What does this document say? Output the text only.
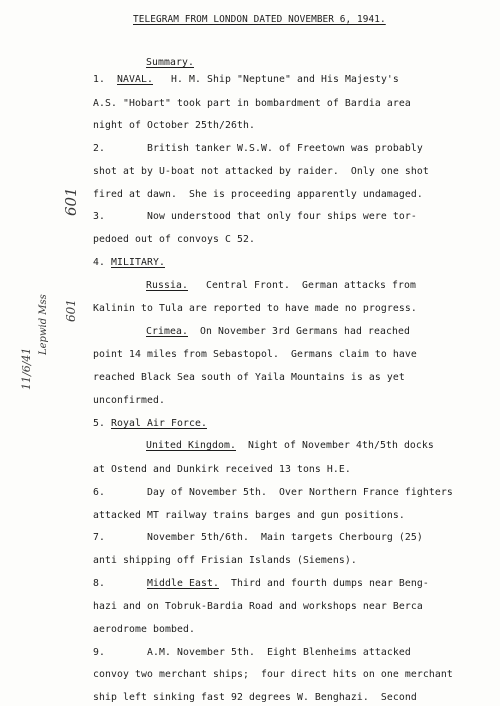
TELEGRAM FROM LONDON DATED NOVEMBER 6, 1941.
Summary.
1. NAVAL. H. M. Ship "Neptune" and His Majesty's
A.S. "Hobart" took part in bombardment of Bardia area
night of October 25th/26th.
2.	British tanker W.S.W. of Freetown was probably
shot at by U-boat not attacked by raider.  Only one shot
fired at dawn.  She is proceeding apparently undamaged.
3.	Now understood that only four ships were tor-
pedoed out of convoys C 52.
4. MILITARY.
Russia. Central Front.  German attacks from
Kalinin to Tula are reported to have made no progress.
Crimea. On November 3rd Germans had reached
point 14 miles from Sebastopol.  Germans claim to have
reached Black Sea south of Yaila Mountains is as yet
unconfirmed.
5. Royal Air Force.
United Kingdom. Night of November 4th/5th docks
at Ostend and Dunkirk received 13 tons H.E.
6.	Day of November 5th.  Over Northern France fighters
attacked MT railway trains barges and gun positions.
7.	November 5th/6th.  Main targets Cherbourg (25)
anti shipping off Frisian Islands (Siemens).
8.	Middle East. Third and fourth dumps near Beng-
hazi and on Tobruk-Bardia Road and workshops near Berca
aerodrome bombed.
9.	A.M. November 5th.  Eight Blenheims attacked
convoy two merchant ships;  four direct hits on one merchant
ship left sinking fast 92 degrees W. Benghazi.  Second
601
11/6/41
Lepwid Mss 601
